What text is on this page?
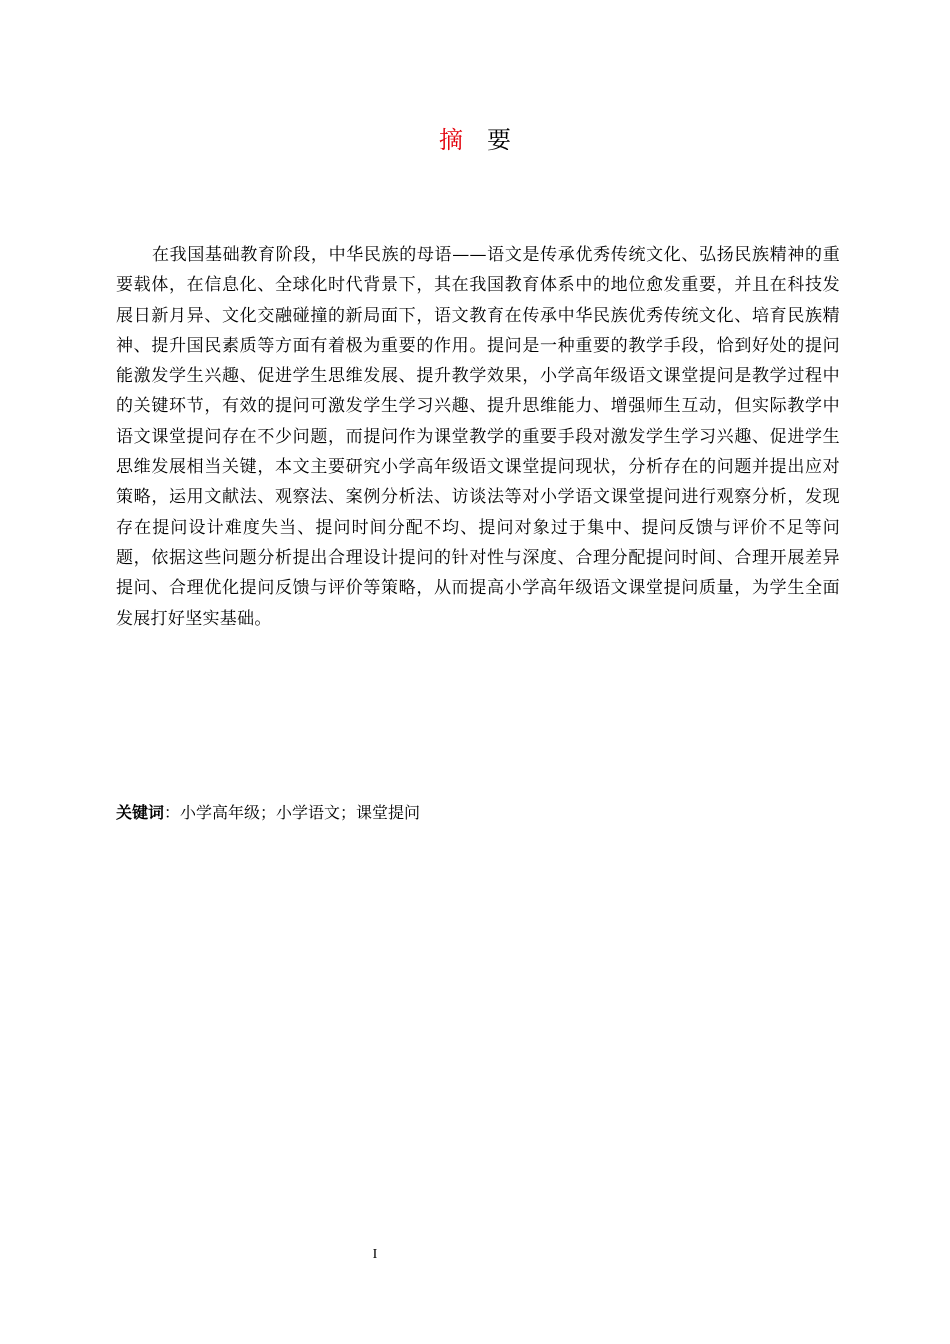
摘 要

在我国基础教育阶段，中华民族的母语——语文是传承优秀传统文化、弘扬民族精神的重要载体，在信息化、全球化时代背景下，其在我国教育体系中的地位愈发重要，并且在科技发展日新月异、文化交融碰撞的新局面下，语文教育在传承中华民族优秀传统文化、培育民族精神、提升国民素质等方面有着极为重要的作用。提问是一种重要的教学手段，恰到好处的提问能激发学生兴趣、促进学生思维发展、提升教学效果，小学高年级语文课堂提问是教学过程中的关键环节，有效的提问可激发学生学习兴趣、提升思维能力、增强师生互动，但实际教学中语文课堂提问存在不少问题，而提问作为课堂教学的重要手段对激发学生学习兴趣、促进学生思维发展相当关键，本文主要研究小学高年级语文课堂提问现状，分析存在的问题并提出应对策略，运用文献法、观察法、案例分析法、访谈法等对小学语文课堂提问进行观察分析，发现存在提问设计难度失当、提问时间分配不均、提问对象过于集中、提问反馈与评价不足等问题，依据这些问题分析提出合理设计提问的针对性与深度、合理分配提问时间、合理开展差异提问、合理优化提问反馈与评价等策略，从而提高小学高年级语文课堂提问质量，为学生全面发展打好坚实基础。

关键词：小学高年级；小学语文；课堂提问
I
